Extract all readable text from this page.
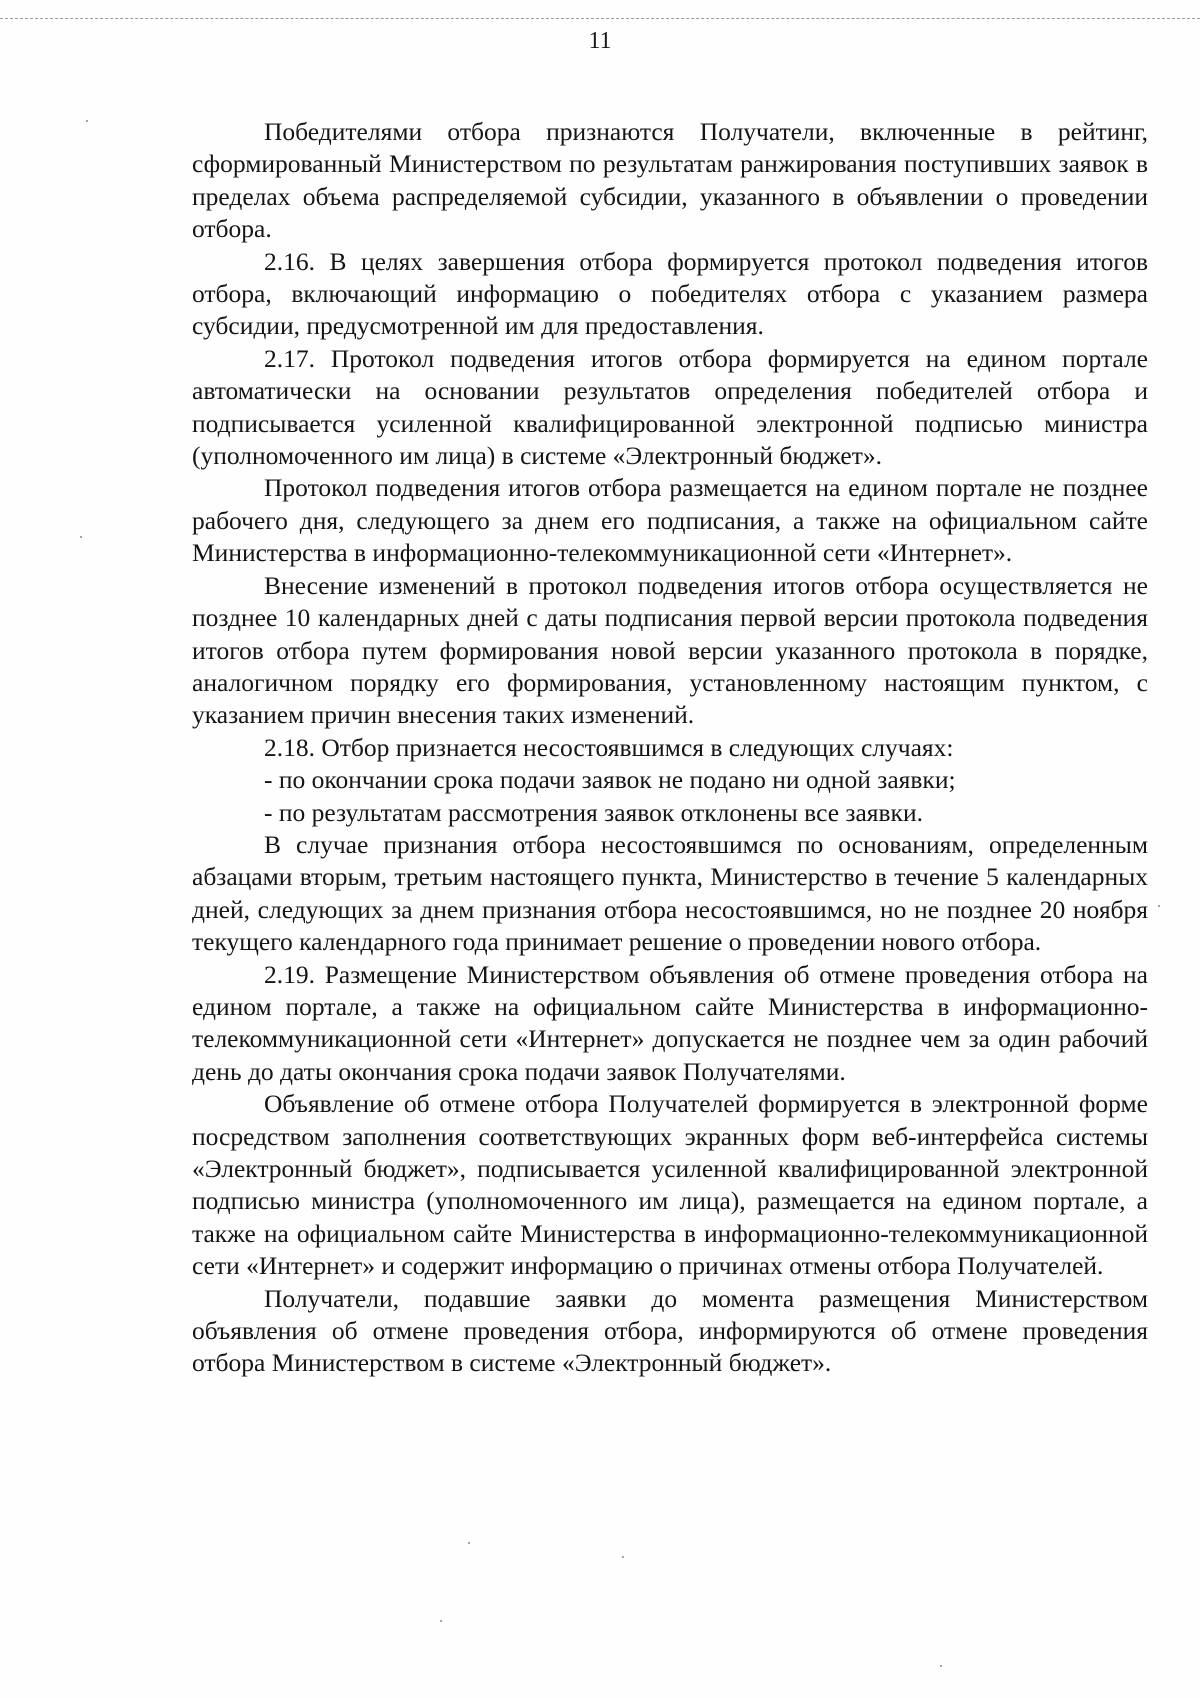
11

Победителями отбора признаются Получатели, включенные в рейтинг, сформированный Министерством по результатам ранжирования поступивших заявок в пределах объема распределяемой субсидии, указанного в объявлении о проведении отбора.

2.16. В целях завершения отбора формируется протокол подведения итогов отбора, включающий информацию о победителях отбора с указанием размера субсидии, предусмотренной им для предоставления.

2.17. Протокол подведения итогов отбора формируется на едином портале автоматически на основании результатов определения победителей отбора и подписывается усиленной квалифицированной электронной подписью министра (уполномоченного им лица) в системе «Электронный бюджет».

Протокол подведения итогов отбора размещается на едином портале не позднее рабочего дня, следующего за днем его подписания, а также на официальном сайте Министерства в информационно-телекоммуникационной сети «Интернет».

Внесение изменений в протокол подведения итогов отбора осуществляется не позднее 10 календарных дней с даты подписания первой версии протокола подведения итогов отбора путем формирования новой версии указанного протокола в порядке, аналогичном порядку его формирования, установленному настоящим пунктом, с указанием причин внесения таких изменений.

2.18. Отбор признается несостоявшимся в следующих случаях:

- по окончании срока подачи заявок не подано ни одной заявки;

- по результатам рассмотрения заявок отклонены все заявки.

В случае признания отбора несостоявшимся по основаниям, определенным абзацами вторым, третьим настоящего пункта, Министерство в течение 5 календарных дней, следующих за днем признания отбора несостоявшимся, но не позднее 20 ноября текущего календарного года принимает решение о проведении нового отбора.

2.19. Размещение Министерством объявления об отмене проведения отбора на едином портале, а также на официальном сайте Министерства в информационно-телекоммуникационной сети «Интернет» допускается не позднее чем за один рабочий день до даты окончания срока подачи заявок Получателями.

Объявление об отмене отбора Получателей формируется в электронной форме посредством заполнения соответствующих экранных форм веб-интерфейса системы «Электронный бюджет», подписывается усиленной квалифицированной электронной подписью министра (уполномоченного им лица), размещается на едином портале, а также на официальном сайте Министерства в информационно-телекоммуникационной сети «Интернет» и содержит информацию о причинах отмены отбора Получателей.

Получатели, подавшие заявки до момента размещения Министерством объявления об отмене проведения отбора, информируются об отмене проведения отбора Министерством в системе «Электронный бюджет».
